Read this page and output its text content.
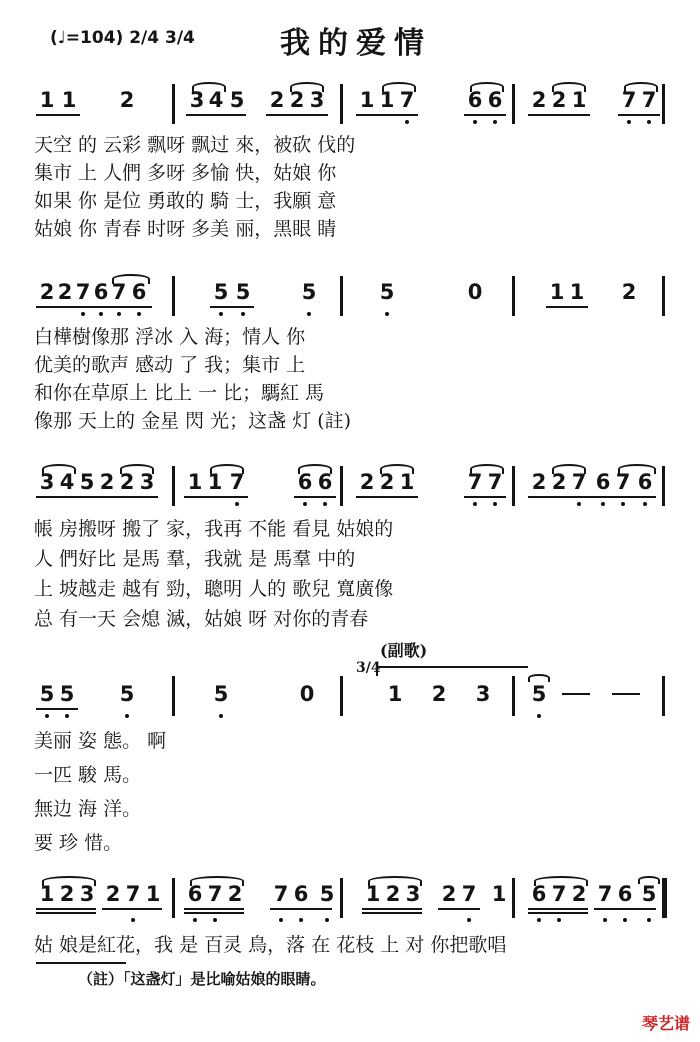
(♩=104) 2/4 3/4	我的爱情
1 1 2	3 4 5 2 2 3 1 1 7	6 6 2 2 1 7 7
天空 的 云彩 飘呀 飘过 來，被砍 伐的
集市 上 人們 多呀 多愉 快，姑娘 你
如果 你 是位 勇敢的 騎 士，我願 意
姑娘 你 青春 时呀 多美 丽，黑眼 睛
2 2 7 6 7 6	5 5 5	5	0	1 1 2
白樺樹像那 浮冰 入 海；情人 你
优美的歌声 感动 了 我；集市 上
和你在草原上 比上 一 比；騳紅 馬
像那 天上的 金星 閃 光；这盏 灯 (註)
3 4 5 2 2 3 1 1 7	6 6 2 2 1	7 7 2 2 7 6 7 6
帳 房搬呀 搬了 家，我再 不能 看見 姑娘的
人 們好比 是馬 羣，我就 是 馬羣 中的
上 坡越走 越有 勁，聰明 人的 歌兒 寬廣像
总 有一天 会熄 滅，姑娘 呀 对你的青春
(副歌)
3/4
5 5 5	5	0	1 2 3 5
美丽 姿 態。 啊
一匹 駿 馬。
無边 海 洋。
要 珍 惜。
1 2 3 2 7 1 6 7 2 7 6 5 1 2 3 2 7 1 6 7 2 7 6 5
姑 娘是紅花，我 是 百灵 鳥，落 在 花枝 上 对 你把歌唱
（註）「这盏灯」是比喻姑娘的眼睛。
琴艺谱
